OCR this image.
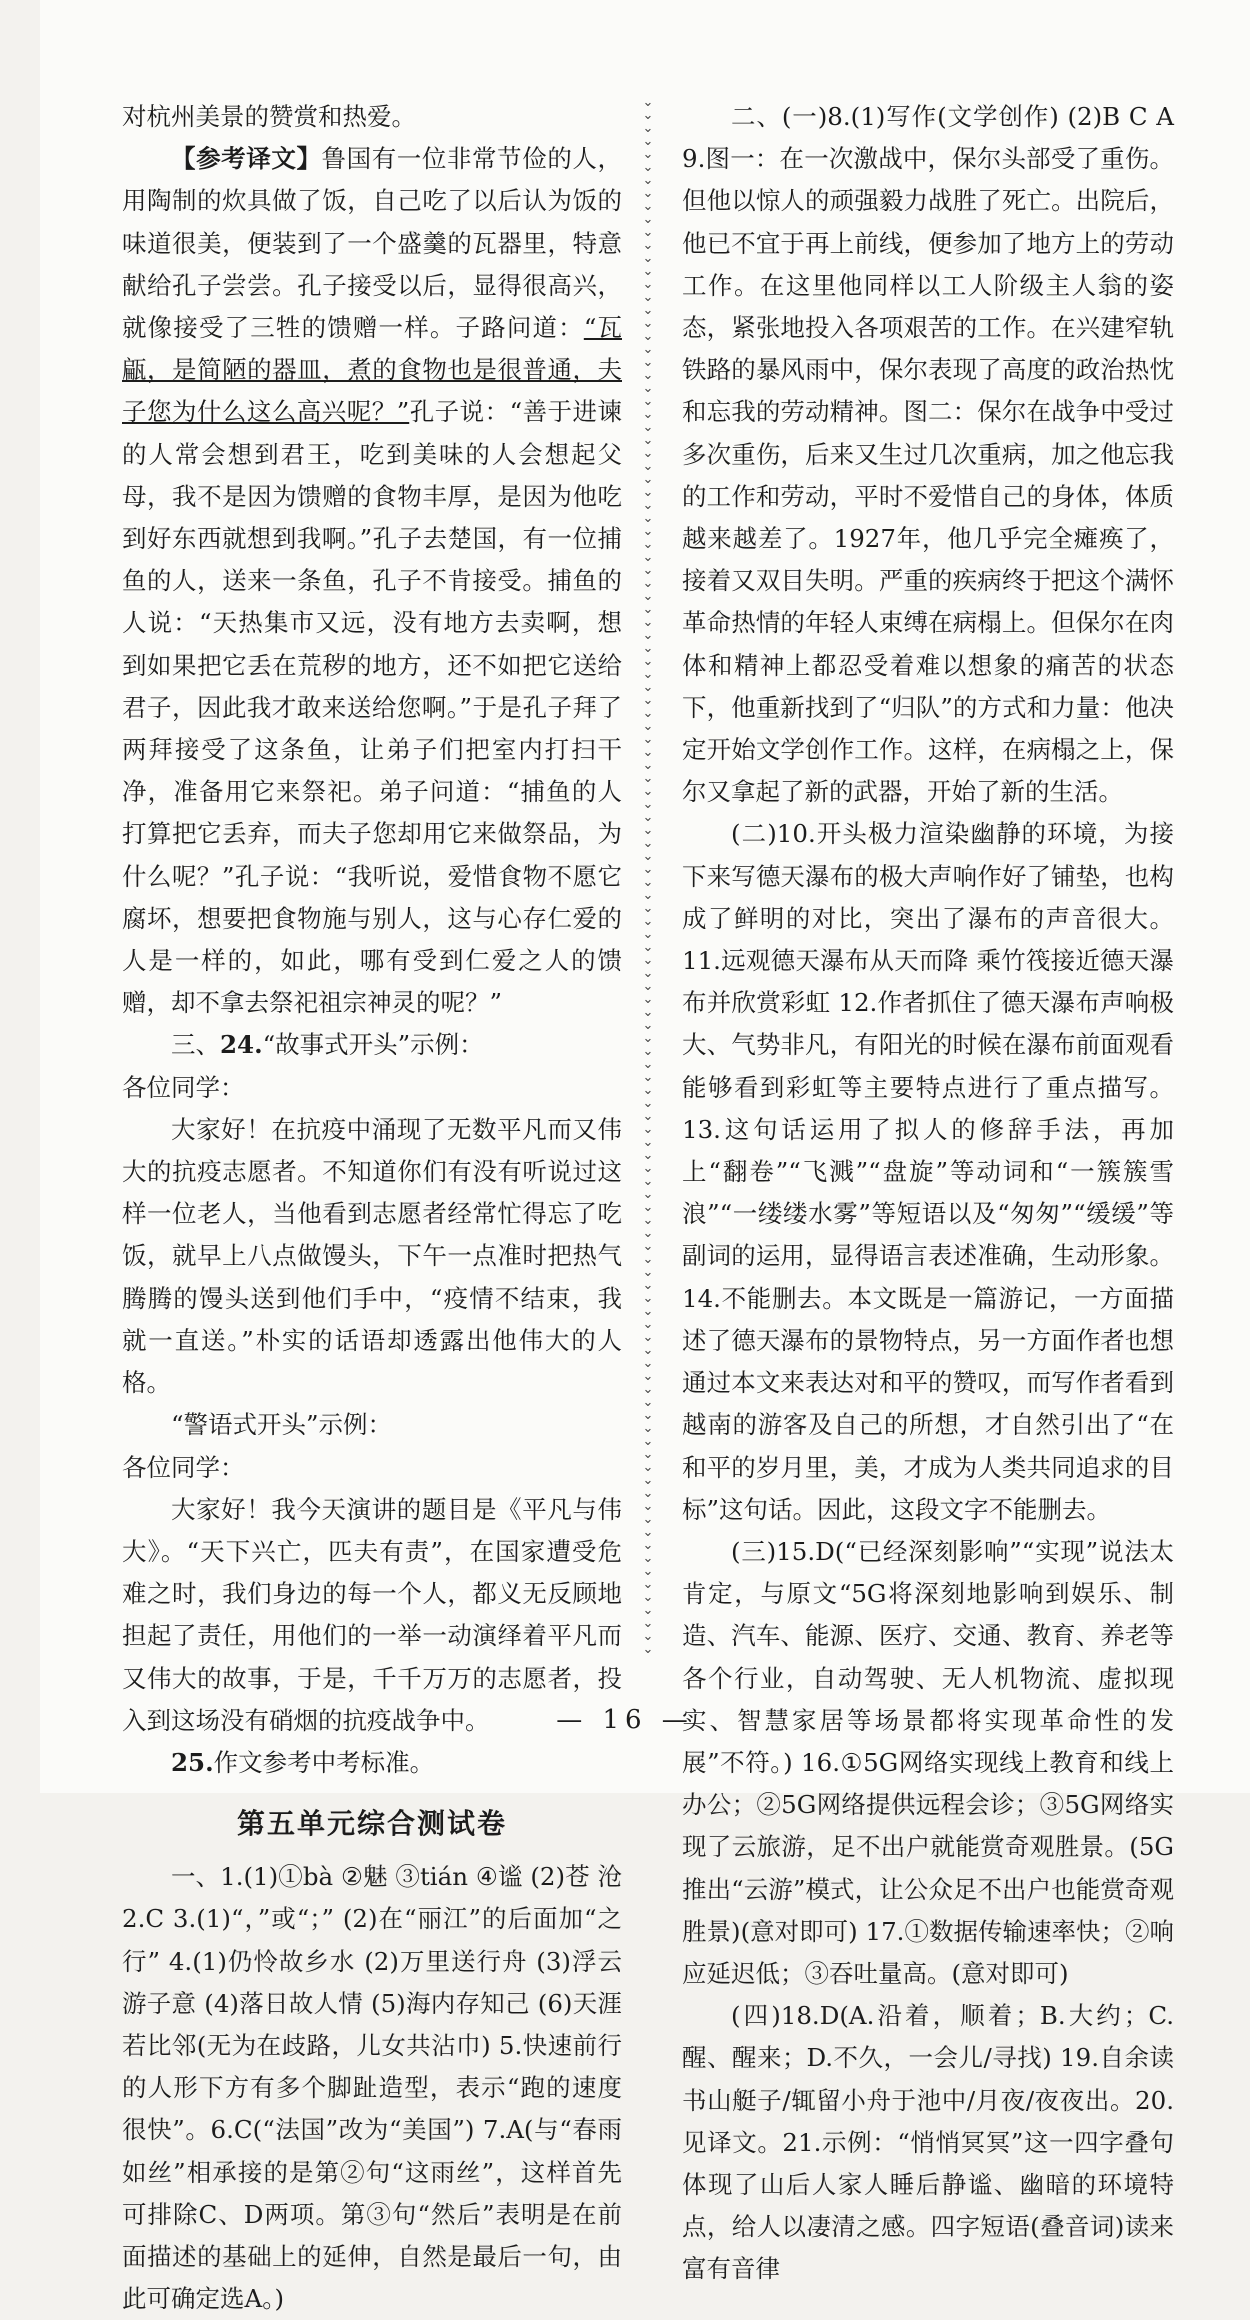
对杭州美景的赞赏和热爱。

【参考译文】鲁国有一位非常节俭的人，用陶制的炊具做了饭，自己吃了以后认为饭的味道很美，便装到了一个盛羹的瓦器里，特意献给孔子尝尝。孔子接受以后，显得很高兴，就像接受了三牲的馈赠一样。子路问道：“瓦甂，是简陋的器皿，煮的食物也是很普通，夫子您为什么这么高兴呢？”孔子说：“善于进谏的人常会想到君王，吃到美味的人会想起父母，我不是因为馈赠的食物丰厚，是因为他吃到好东西就想到我啊。”孔子去楚国，有一位捕鱼的人，送来一条鱼，孔子不肯接受。捕鱼的人说：“天热集市又远，没有地方去卖啊，想到如果把它丢在荒秽的地方，还不如把它送给君子，因此我才敢来送给您啊。”于是孔子拜了两拜接受了这条鱼，让弟子们把室内打扫干净，准备用它来祭祀。弟子问道：“捕鱼的人打算把它丢弃，而夫子您却用它来做祭品，为什么呢？”孔子说：“我听说，爱惜食物不愿它腐坏，想要把食物施与别人，这与心存仁爱的人是一样的，如此，哪有受到仁爱之人的馈赠，却不拿去祭祀祖宗神灵的呢？”

三、24.“故事式开头”示例：

各位同学：

大家好！在抗疫中涌现了无数平凡而又伟大的抗疫志愿者。不知道你们有没有听说过这样一位老人，当他看到志愿者经常忙得忘了吃饭，就早上八点做馒头，下午一点准时把热气腾腾的馒头送到他们手中，“疫情不结束，我就一直送。”朴实的话语却透露出他伟大的人格。

“警语式开头”示例：

各位同学：

大家好！我今天演讲的题目是《平凡与伟大》。“天下兴亡，匹夫有责”，在国家遭受危难之时，我们身边的每一个人，都义无反顾地担起了责任，用他们的一举一动演绎着平凡而又伟大的故事，于是，千千万万的志愿者，投入到这场没有硝烟的抗疫战争中。

25.作文参考中考标准。

第五单元综合测试卷

一、1.(1)①bà ②魅 ③tián ④谧 (2)苍 沧 2.C 3.(1)“，”或“；” (2)在“丽江”的后面加“之行” 4.(1)仍怜故乡水 (2)万里送行舟 (3)浮云游子意 (4)落日故人情 (5)海内存知己 (6)天涯若比邻(无为在歧路，儿女共沾巾) 5.快速前行的人形下方有多个脚趾造型，表示“跑的速度很快”。6.C(“法国”改为“美国”) 7.A(与“春雨如丝”相承接的是第②句“这雨丝”，这样首先可排除C、D两项。第③句“然后”表明是在前面描述的基础上的延伸，自然是最后一句，由此可确定选A。)

⌄
⌄
⌄
⌄
⌄
⌄
⌄
⌄
⌄
⌄
⌄
⌄
⌄
⌄
⌄
⌄
⌄
⌄
⌄
⌄
⌄
⌄
⌄
⌄
⌄
⌄
⌄
⌄
⌄
⌄
⌄
⌄
⌄
⌄
⌄
⌄
⌄
⌄
⌄
⌄
⌄
⌄
⌄
⌄
⌄
⌄
⌄
⌄
⌄
⌄
⌄
⌄
⌄
⌄
⌄
⌄
⌄
⌄
⌄
⌄
⌄
⌄
⌄
⌄
⌄
⌄
⌄
⌄
⌄
⌄
⌄
⌄
⌄
⌄
⌄
⌄
⌄
⌄
⌄
⌄
⌄
⌄
⌄
⌄
⌄
⌄
⌄
⌄
⌄
⌄
⌄
⌄
⌄
⌄
⌄
⌄
⌄
⌄
⌄
⌄
⌄
⌄
⌄
⌄
⌄
⌄
⌄
⌄
⌄
⌄
⌄
⌄
⌄
⌄
⌄
⌄
⌄
⌄
⌄
⌄

二、(一)8.(1)写作(文学创作) (2)B C A 9.图一：在一次激战中，保尔头部受了重伤。但他以惊人的顽强毅力战胜了死亡。出院后，他已不宜于再上前线，便参加了地方上的劳动工作。在这里他同样以工人阶级主人翁的姿态，紧张地投入各项艰苦的工作。在兴建窄轨铁路的暴风雨中，保尔表现了高度的政治热忱和忘我的劳动精神。图二：保尔在战争中受过多次重伤，后来又生过几次重病，加之他忘我的工作和劳动，平时不爱惜自己的身体，体质越来越差了。1927年，他几乎完全瘫痪了，接着又双目失明。严重的疾病终于把这个满怀革命热情的年轻人束缚在病榻上。但保尔在肉体和精神上都忍受着难以想象的痛苦的状态下，他重新找到了“归队”的方式和力量：他决定开始文学创作工作。这样，在病榻之上，保尔又拿起了新的武器，开始了新的生活。

(二)10.开头极力渲染幽静的环境，为接下来写德天瀑布的极大声响作好了铺垫，也构成了鲜明的对比，突出了瀑布的声音很大。11.远观德天瀑布从天而降 乘竹筏接近德天瀑布并欣赏彩虹 12.作者抓住了德天瀑布声响极大、气势非凡，有阳光的时候在瀑布前面观看能够看到彩虹等主要特点进行了重点描写。13.这句话运用了拟人的修辞手法，再加上“翻卷”“飞溅”“盘旋”等动词和“一簇簇雪浪”“一缕缕水雾”等短语以及“匆匆”“缓缓”等副词的运用，显得语言表述准确，生动形象。14.不能删去。本文既是一篇游记，一方面描述了德天瀑布的景物特点，另一方面作者也想通过本文来表达对和平的赞叹，而写作者看到越南的游客及自己的所想，才自然引出了“在和平的岁月里，美，才成为人类共同追求的目标”这句话。因此，这段文字不能删去。

(三)15.D(“已经深刻影响”“实现”说法太肯定，与原文“5G将深刻地影响到娱乐、制造、汽车、能源、医疗、交通、教育、养老等各个行业，自动驾驶、无人机物流、虚拟现实、智慧家居等场景都将实现革命性的发展”不符。) 16.①5G网络实现线上教育和线上办公；②5G网络提供远程会诊；③5G网络实现了云旅游，足不出户就能赏奇观胜景。(5G推出“云游”模式，让公众足不出户也能赏奇观胜景)(意对即可) 17.①数据传输速率快；②响应延迟低；③吞吐量高。(意对即可)

(四)18.D(A.沿着，顺着；B.大约；C.醒、醒来；D.不久，一会儿/寻找) 19.自余读书山艇子/辄留小舟于池中/月夜/夜夜出。20.见译文。21.示例：“悄悄冥冥”这一四字叠句体现了山后人家人睡后静谧、幽暗的环境特点，给人以凄清之感。四字短语(叠音词)读来富有音律

— 16 —
